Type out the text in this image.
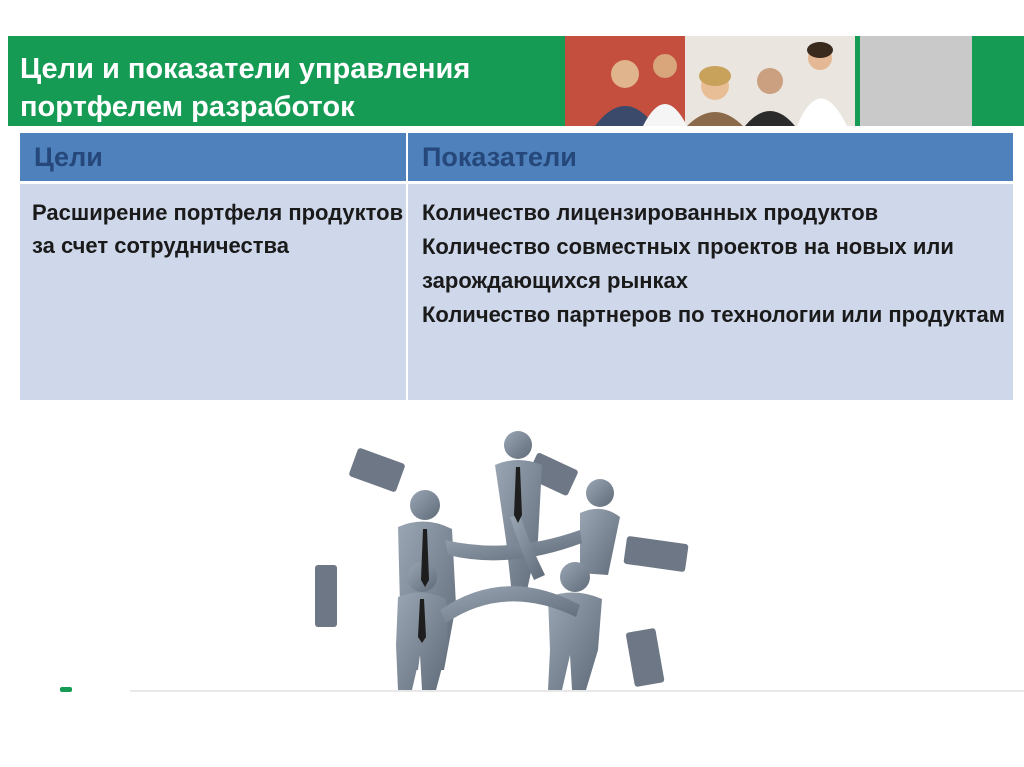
Цели и показатели управления портфелем разработок
Цели	Показатели
Расширение портфеля продуктов за счет сотрудничества
Количество лицензированных продуктов
Количество совместных проектов на новых или зарождающихся рынках
Количество партнеров по технологии или продуктам
